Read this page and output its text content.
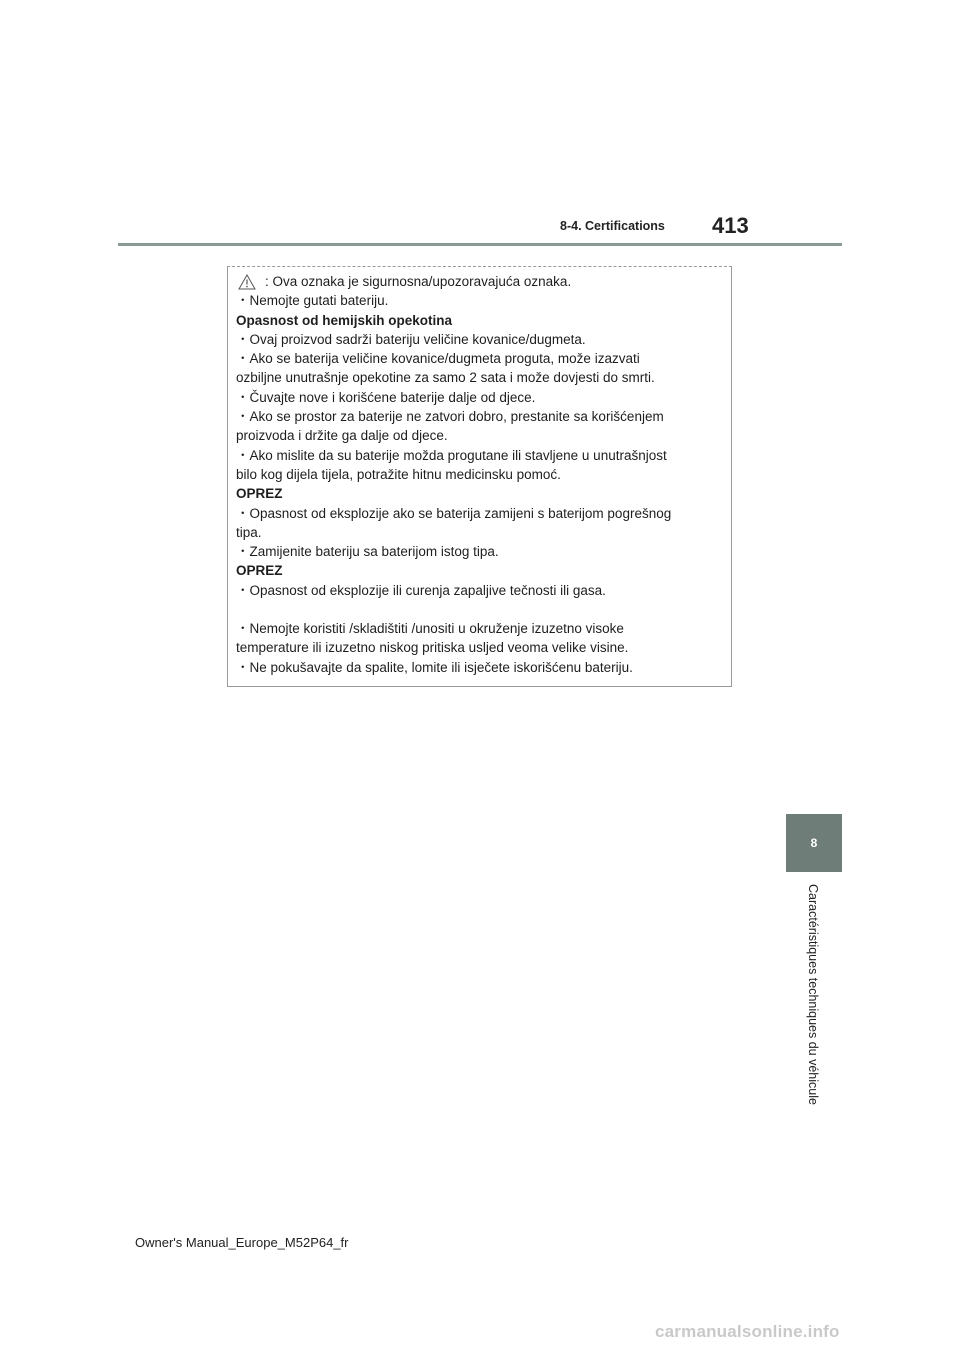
8-4. Certifications 413
: Ova oznaka je sigurnosna/upozoravajuća oznaka.
・Nemojte gutati bateriju.
Opasnost od hemijskih opekotina
・Ovaj proizvod sadrži bateriju veličine kovanice/dugmeta.
・Ako se baterija veličine kovanice/dugmeta proguta, može izazvati
ozbiljne unutrašnje opekotine za samo 2 sata i može dovjesti do smrti.
・Čuvajte nove i korišćene baterije dalje od djece.
・Ako se prostor za baterije ne zatvori dobro, prestanite sa korišćenjem
proizvoda i držite ga dalje od djece.
・Ako mislite da su baterije možda progutane ili stavljene u unutrašnjost
bilo kog dijela tijela, potražite hitnu medicinsku pomoć.
OPREZ
・Opasnost od eksplozije ako se baterija zamijeni s baterijom pogrešnog
tipa.
・Zamijenite bateriju sa baterijom istog tipa.
OPREZ
・Opasnost od eksplozije ili curenja zapaljive tečnosti ili gasa.
・Nemojte koristiti /skladištiti /unositi u okruženje izuzetno visoke
temperature ili izuzetno niskog pritiska usljed veoma velike visine.
・Ne pokušavajte da spalite, lomite ili isječete iskorišćenu bateriju.
8
Caractéristiques techniques du véhicule
Owner's Manual_Europe_M52P64_fr
carmanualsonline.info
